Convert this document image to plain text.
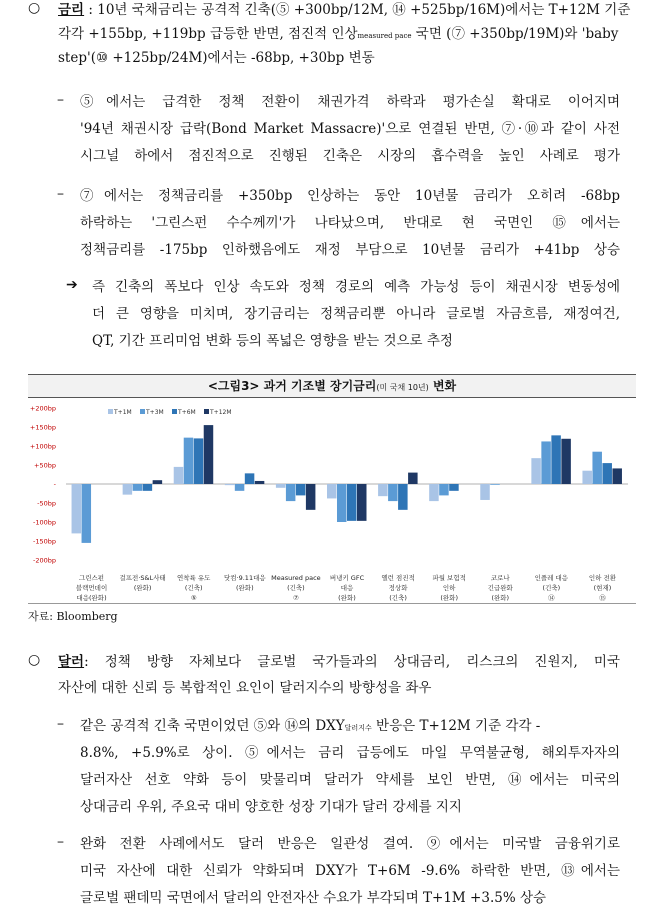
○ 금리 : 10년 국채금리는 공격적 긴축(⑤ +300bp/12M, ⑭ +525bp/16M)에서는 T+12M 기준
각각 +155bp, +119bp 급등한 반면, 점진적 인상measured pace 국면 (⑦ +350bp/19M)와 'baby
step'(⑩ +125bp/24M)에서는 -68bp, +30bp 변동
– ⑤에서는 급격한 정책 전환이 채권가격 하락과 평가손실 확대로 이어지며
'94년 채권시장 급락(Bond Market Massacre)'으로 연결된 반면, ⑦·⑩과 같이 사전
시그널 하에서 점진적으로 진행된 긴축은 시장의 흡수력을 높인 사례로 평가
– ⑦에서는 정책금리를 +350bp 인상하는 동안 10년물 금리가 오히려 -68bp
하락하는 '그린스펀 수수께끼'가 나타났으며, 반대로 현 국면인 ⑮에서는
정책금리를 -175bp 인하했음에도 재정 부담으로 10년물 금리가 +41bp 상승
➔ 즉 긴축의 폭보다 인상 속도와 정책 경로의 예측 가능성 등이 채권시장 변동성에
더 큰 영향을 미치며, 장기금리는 정책금리뿐 아니라 글로벌 자금흐름, 재정여건,
QT, 기간 프리미엄 변화 등의 폭넓은 영향을 받는 것으로 추정
<그림3> 과거 기조별 장기금리(미 국채 10년) 변화
+200bp
+150bp
+100bp
+50bp
-
-50bp
-100bp
-150bp
-200bp
T+1M T+3M T+6M T+12M
그린스펀
블랙먼데이
대응(완화)
걸프전·S&L사태
(완화)
연착륙 유도
(긴축)
⑤
닷컴·9.11대응
(완화)
Measured pace
(긴축)
⑦
버냉키 GFC
대응
(완화)
옐런 점진적
정상화
(긴축)
파월 보험적
인하
(완화)
코로나
긴급완화
(완화)
인플레 대응
(긴축)
⑭
인하 전환
(현재)
⑮
자료: Bloomberg
○ 달러: 정책 방향 자체보다 글로벌 국가들과의 상대금리, 리스크의 진원지, 미국
자산에 대한 신뢰 등 복합적인 요인이 달러지수의 방향성을 좌우
– 같은 공격적 긴축 국면이었던 ⑤와 ⑭의 DXY달러지수 반응은 T+12M 기준 각각 -
8.8%, +5.9%로 상이. ⑤에서는 금리 급등에도 마일 무역불균형, 해외투자자의
달러자산 선호 약화 등이 맞물리며 달러가 약세를 보인 반면, ⑭에서는 미국의
상대금리 우위, 주요국 대비 양호한 성장 기대가 달러 강세를 지지
– 완화 전환 사례에서도 달러 반응은 일관성 결여. ⑨에서는 미국발 금융위기로
미국 자산에 대한 신뢰가 약화되며 DXY가 T+6M -9.6% 하락한 반면, ⑬에서는
글로벌 팬데믹 국면에서 달러의 안전자산 수요가 부각되며 T+1M +3.5% 상승
